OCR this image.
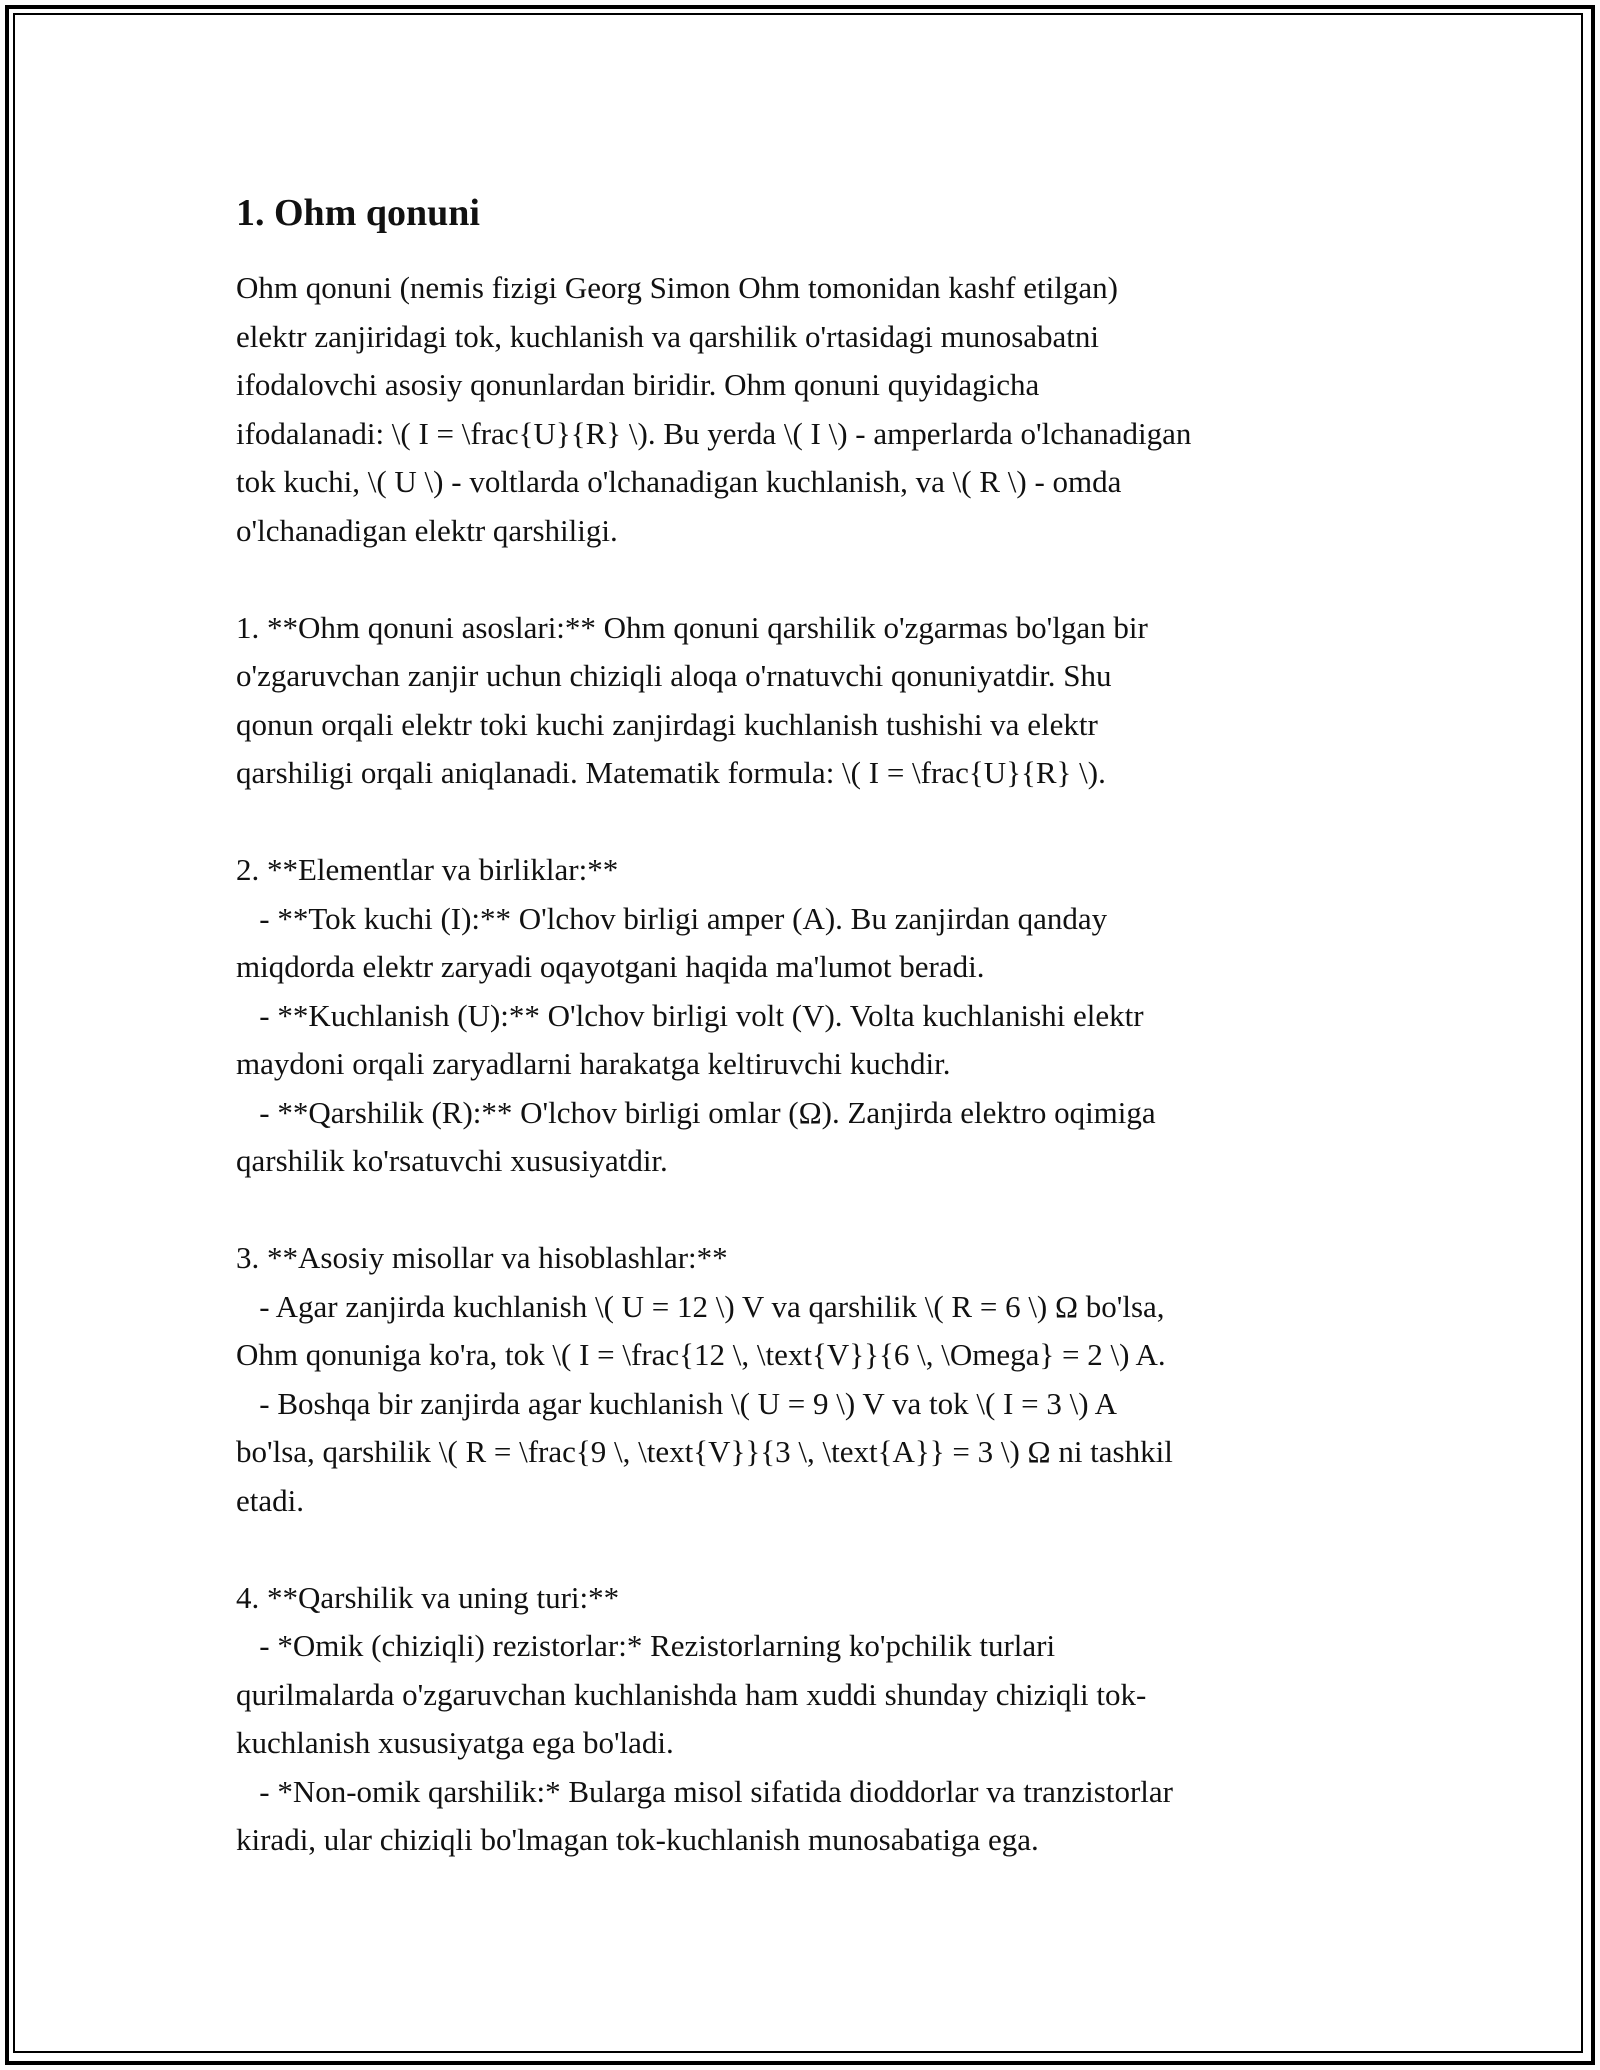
1. Ohm qonuni

Ohm qonuni (nemis fizigi Georg Simon Ohm tomonidan kashf etilgan)
elektr zanjiridagi tok, kuchlanish va qarshilik o'rtasidagi munosabatni
ifodalovchi asosiy qonunlardan biridir. Ohm qonuni quyidagicha
ifodalanadi: \( I = \frac{U}{R} \). Bu yerda \( I \) - amperlarda o'lchanadigan
tok kuchi, \( U \) - voltlarda o'lchanadigan kuchlanish, va \( R \) - omda
o'lchanadigan elektr qarshiligi.

1. **Ohm qonuni asoslari:** Ohm qonuni qarshilik o'zgarmas bo'lgan bir
o'zgaruvchan zanjir uchun chiziqli aloqa o'rnatuvchi qonuniyatdir. Shu
qonun orqali elektr toki kuchi zanjirdagi kuchlanish tushishi va elektr
qarshiligi orqali aniqlanadi. Matematik formula: \( I = \frac{U}{R} \).

2. **Elementlar va birliklar:**
- **Tok kuchi (I):** O'lchov birligi amper (A). Bu zanjirdan qanday
miqdorda elektr zaryadi oqayotgani haqida ma'lumot beradi.
- **Kuchlanish (U):** O'lchov birligi volt (V). Volta kuchlanishi elektr
maydoni orqali zaryadlarni harakatga keltiruvchi kuchdir.
- **Qarshilik (R):** O'lchov birligi omlar (Ω). Zanjirda elektro oqimiga
qarshilik ko'rsatuvchi xususiyatdir.

3. **Asosiy misollar va hisoblashlar:**
- Agar zanjirda kuchlanish \( U = 12 \) V va qarshilik \( R = 6 \) Ω bo'lsa,
Ohm qonuniga ko'ra, tok \( I = \frac{12 \, \text{V}}{6 \, \Omega} = 2 \) A.
- Boshqa bir zanjirda agar kuchlanish \( U = 9 \) V va tok \( I = 3 \) A
bo'lsa, qarshilik \( R = \frac{9 \, \text{V}}{3 \, \text{A}} = 3 \) Ω ni tashkil
etadi.

4. **Qarshilik va uning turi:**
- *Omik (chiziqli) rezistorlar:* Rezistorlarning ko'pchilik turlari
qurilmalarda o'zgaruvchan kuchlanishda ham xuddi shunday chiziqli tok-
kuchlanish xususiyatga ega bo'ladi.
- *Non-omik qarshilik:* Bularga misol sifatida dioddorlar va tranzistorlar
kiradi, ular chiziqli bo'lmagan tok-kuchlanish munosabatiga ega.
